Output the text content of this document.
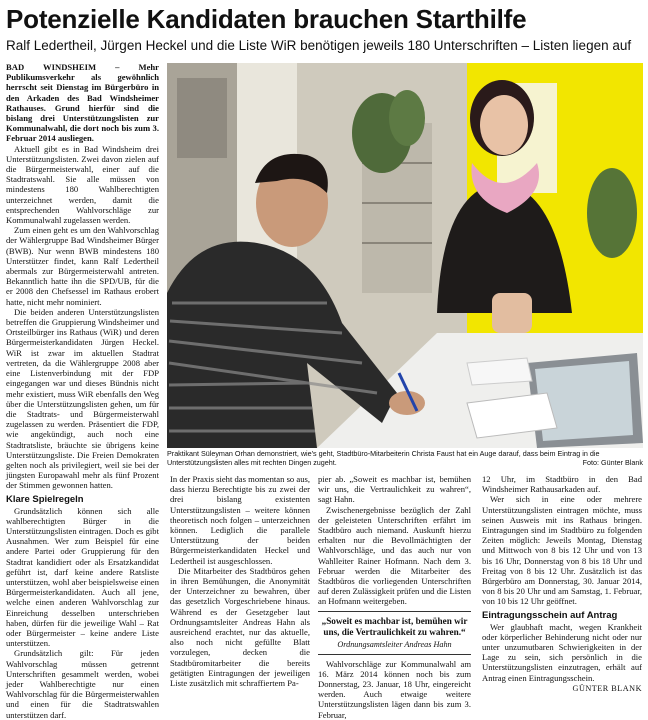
Potenzielle Kandidaten brauchen Starthilfe
Ralf Ledertheil, Jürgen Heckel und die Liste WiR benötigen jeweils 180 Unterschriften – Listen liegen auf

BAD WINDSHEIM – Mehr Publikumsverkehr als gewöhnlich herrscht seit Dienstag im Bürgerbüro in den Arkaden des Bad Windsheimer Rathauses. Grund hierfür sind die bislang drei Unterstützungslisten zur Kommunalwahl, die dort noch bis zum 3. Februar 2014 ausliegen.

Aktuell gibt es in Bad Windsheim drei Unterstützungslisten. Zwei davon zielen auf die Bürgermeisterwahl, einer auf die Stadtratswahl. Sie alle müssen von mindestens 180 Wahlberechtigten unterzeichnet werden, damit die entsprechenden Wahlvorschläge zur Kommunalwahl zugelassen werden.

Zum einen geht es um den Wahlvorschlag der Wählergruppe Bad Windsheimer Bürger (BWB). Nur wenn BWB mindestens 180 Unterstützer findet, kann Ralf Ledertheil abermals zur Bürgermeisterwahl antreten. Bekanntlich hatte ihn die SPD/UB, für die er 2008 den Chefsessel im Rathaus erobert hatte, nicht mehr nominiert.

Die beiden anderen Unterstützungslisten betreffen die Gruppierung Windsheimer und Ortsteilbürger ins Rathaus (WiR) und deren Bürgermeisterkandidaten Jürgen Heckel. WiR ist zwar im aktuellen Stadtrat vertreten, da die Wählergruppe 2008 aber eine Listenverbindung mit der FDP eingegangen war und dieses Bündnis nicht mehr existiert, muss WiR ebenfalls den Weg über die Unterstützungslisten gehen, um für die Stadtrats- und Bürgermeisterwahl zugelassen zu werden. Präsentiert die FDP, wie angekündigt, auch noch eine Stadtratsliste, bräuchte sie übrigens keine Unterstützungsliste. Die Freien Demokraten gelten noch als privilegiert, weil sie bei der jüngsten Europawahl mehr als fünf Prozent der Stimmen gewonnen hatten.

Klare Spielregeln

Grundsätzlich können sich alle wahlberechtigten Bürger in die Unterstützungslisten eintragen. Doch es gibt Ausnahmen. Wer zum Beispiel für eine andere Partei oder Gruppierung für den Stadtrat kandidiert oder als Ersatzkandidat geführt ist, darf keine andere Ratsliste unterstützen, wohl aber beispielsweise einen Bürgermeisterkandidaten. Auch all jene, welche einen anderen Wahlvorschlag zur Einreichung desselben unterschrieben haben, dürfen für die jeweilige Wahl – Rat oder Bürgermeister – keine andere Liste unterstützen.

Grundsätzlich gilt: Für jeden Wahlvorschlag müssen getrennt Unterschriften gesammelt werden, wobei jeder Wahlberechtigte nur einen Wahlvorschlag für die Bürgermeisterwahlen und einen für die Stadtratswahlen unterstützen darf.

Praktikant Süleyman Orhan demonstriert, wie's geht, Stadtbüro-Mitarbeiterin Christa Faust hat ein Auge darauf, dass beim Eintrag in die Unterstützungslisten alles mit rechten Dingen zugeht.	Foto: Günter Blank

In der Praxis sieht das momentan so aus, dass hierzu Berechtigte bis zu zwei der drei bislang existenten Unterstützungslisten – weitere können theoretisch noch folgen – unterzeichnen können. Lediglich die parallele Unterstützung der beiden Bürgermeisterkandidaten Heckel und Ledertheil ist ausgeschlossen.

Die Mitarbeiter des Stadtbüros gehen in ihren Bemühungen, die Anonymität der Unterzeichner zu bewahren, über das gesetzlich Vorgeschriebene hinaus. Während es der Gesetzgeber laut Ordnungsamtsleiter Andreas Hahn als ausreichend erachtet, nur das aktuelle, also noch nicht gefüllte Blatt vorzulegen, decken die Stadtbüromitarbeiter die bereits getätigten Eintragungen der jeweiligen Liste zusätzlich mit schraffiertem Pa-

pier ab. „Soweit es machbar ist, bemühen wir uns, die Vertraulichkeit zu wahren“, sagt Hahn.

Zwischenergebnisse bezüglich der Zahl der geleisteten Unterschriften erfährt im Stadtbüro auch niemand. Auskunft hierzu erhalten nur die Bevollmächtigten der Wahlvorschläge, und das auch nur von Wahlleiter Rainer Hofmann. Nach dem 3. Februar werden die Mitarbeiter des Stadtbüros die vorliegenden Unterschriften auf deren Zulässigkeit prüfen und die Listen an Hofmann weitergeben.

„Soweit es machbar ist, bemühen wir uns, die Vertraulichkeit zu wahren.“
Ordnungsamtsleiter Andreas Hahn

Wahlvorschläge zur Kommunalwahl am 16. März 2014 können noch bis zum Donnerstag, 23. Januar, 18 Uhr, eingereicht werden. Auch etwaige weitere Unterstützungslisten lägen dann bis zum 3. Februar,

12 Uhr, im Stadtbüro in den Bad Windsheimer Rathausarkaden auf.

Wer sich in eine oder mehrere Unterstützungslisten eintragen möchte, muss seinen Ausweis mit ins Rathaus bringen. Eintragungen sind im Stadtbüro zu folgenden Zeiten möglich: Jeweils Montag, Dienstag und Mittwoch von 8 bis 12 Uhr und von 13 bis 16 Uhr, Donnerstag von 8 bis 18 Uhr und Freitag von 8 bis 12 Uhr. Zusätzlich ist das Bürgerbüro am Donnerstag, 30. Januar 2014, von 8 bis 20 Uhr und am Samstag, 1. Februar, von 10 bis 12 Uhr geöffnet.

Eintragungsschein auf Antrag

Wer glaubhaft macht, wegen Krankheit oder körperlicher Behinderung nicht oder nur unter unzumutbaren Schwierigkeiten in der Lage zu sein, sich persönlich in die Unterstützungslisten einzutragen, erhält auf Antrag einen Eintragungsschein.

GÜNTER BLANK
